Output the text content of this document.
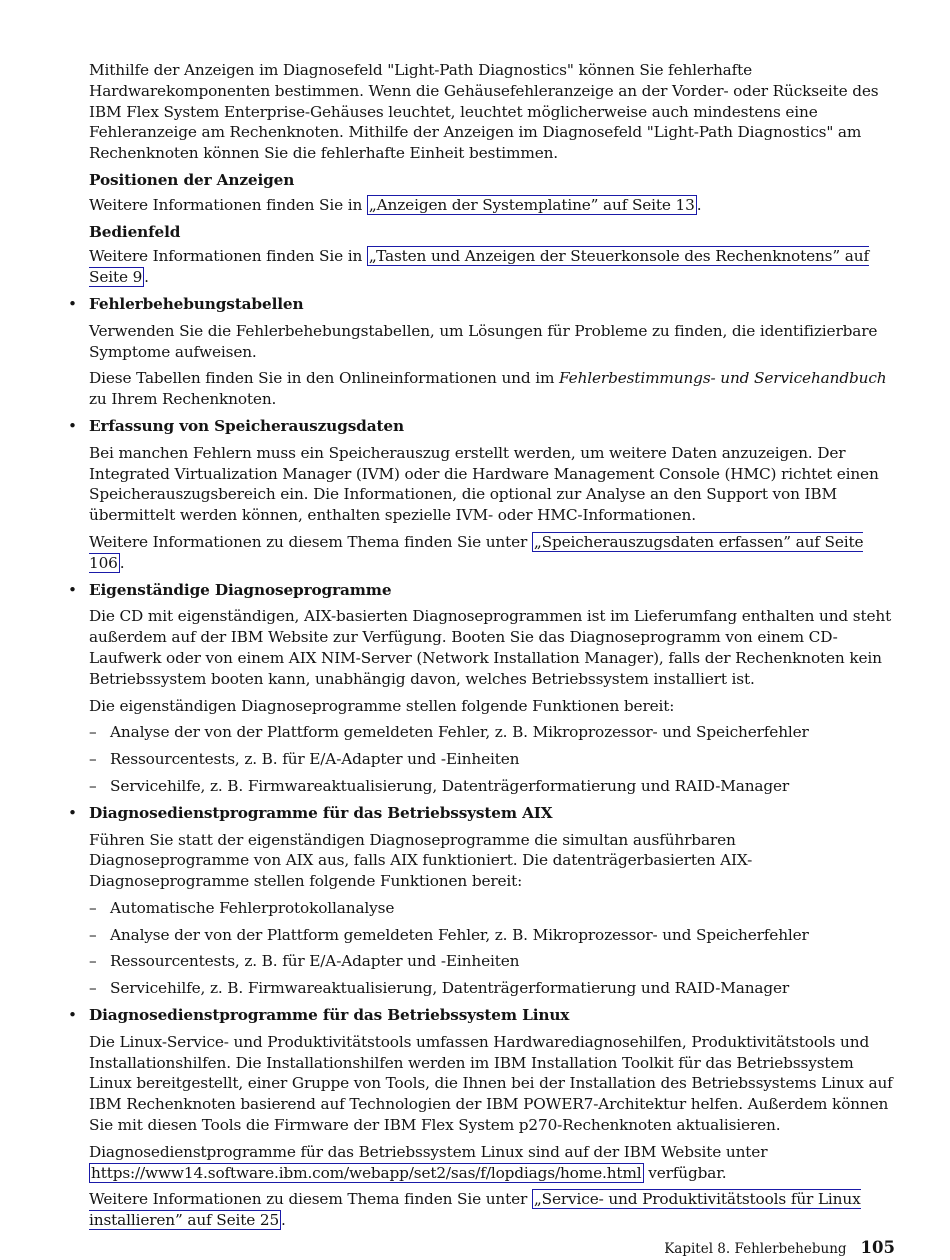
Mithilfe der Anzeigen im Diagnosefeld "Light-Path Diagnostics" können Sie fehlerhafte Hardwarekomponenten bestimmen. Wenn die Gehäusefehleranzeige an der Vorder- oder Rückseite des IBM Flex System Enterprise-Gehäuses leuchtet, leuchtet möglicherweise auch mindestens eine Fehleranzeige am Rechenknoten. Mithilfe der Anzeigen im Diagnosefeld "Light-Path Diagnostics" am Rechenknoten können Sie die fehlerhafte Einheit bestimmen.

Positionen der Anzeigen

Weitere Informationen finden Sie in „Anzeigen der Systemplatine” auf Seite 13 .

Bedienfeld

Weitere Informationen finden Sie in „Tasten und Anzeigen der Steuerkonsole des Rechenknotens” auf Seite 9 .

• Fehlerbehebungstabellen

Verwenden Sie die Fehlerbehebungstabellen, um Lösungen für Probleme zu finden, die identifizierbare Symptome aufweisen.

Diese Tabellen finden Sie in den Onlineinformationen und im Fehlerbestimmungs- und Servicehandbuch zu Ihrem Rechenknoten.

• Erfassung von Speicherauszugsdaten

Bei manchen Fehlern muss ein Speicherauszug erstellt werden, um weitere Daten anzuzeigen. Der Integrated Virtualization Manager (IVM) oder die Hardware Management Console (HMC) richtet einen Speicherauszugsbereich ein. Die Informationen, die optional zur Analyse an den Support von IBM übermittelt werden können, enthalten spezielle IVM- oder HMC-Informationen.

Weitere Informationen zu diesem Thema finden Sie unter „Speicherauszugsdaten erfassen” auf Seite 106 .

• Eigenständige Diagnoseprogramme

Die CD mit eigenständigen, AIX-basierten Diagnoseprogrammen ist im Lieferumfang enthalten und steht außerdem auf der IBM Website zur Verfügung. Booten Sie das Diagnoseprogramm von einem CD-Laufwerk oder von einem AIX NIM-Server (Network Installation Manager), falls der Rechenknoten kein Betriebssystem booten kann, unabhängig davon, welches Betriebssystem installiert ist.

Die eigenständigen Diagnoseprogramme stellen folgende Funktionen bereit:

– Analyse der von der Plattform gemeldeten Fehler, z. B. Mikroprozessor- und Speicherfehler
– Ressourcentests, z. B. für E/A-Adapter und -Einheiten
– Servicehilfe, z. B. Firmwareaktualisierung, Datenträgerformatierung und RAID-Manager
• Diagnosedienstprogramme für das Betriebssystem AIX

Führen Sie statt der eigenständigen Diagnoseprogramme die simultan ausführbaren Diagnoseprogramme von AIX aus, falls AIX funktioniert. Die datenträgerbasierten AIX-Diagnoseprogramme stellen folgende Funktionen bereit:

– Automatische Fehlerprotokollanalyse
– Analyse der von der Plattform gemeldeten Fehler, z. B. Mikroprozessor- und Speicherfehler
– Ressourcentests, z. B. für E/A-Adapter und -Einheiten
– Servicehilfe, z. B. Firmwareaktualisierung, Datenträgerformatierung und RAID-Manager
• Diagnosedienstprogramme für das Betriebssystem Linux

Die Linux-Service- und Produktivitätstools umfassen Hardwarediagnosehilfen, Produktivitätstools und Installationshilfen. Die Installationshilfen werden im IBM Installation Toolkit für das Betriebssystem Linux bereitgestellt, einer Gruppe von Tools, die Ihnen bei der Installation des Betriebssystems Linux auf IBM Rechenknoten basierend auf Technologien der IBM POWER7-Architektur helfen. Außerdem können Sie mit diesen Tools die Firmware der IBM Flex System p270-Rechenknoten aktualisieren.

Diagnosedienstprogramme für das Betriebssystem Linux sind auf der IBM Website unter https://www14.software.ibm.com/webapp/set2/sas/f/lopdiags/home.html verfügbar.

Weitere Informationen zu diesem Thema finden Sie unter „Service- und Produktivitätstools für Linux installieren” auf Seite 25 .

Kapitel 8. Fehlerbehebung 105
